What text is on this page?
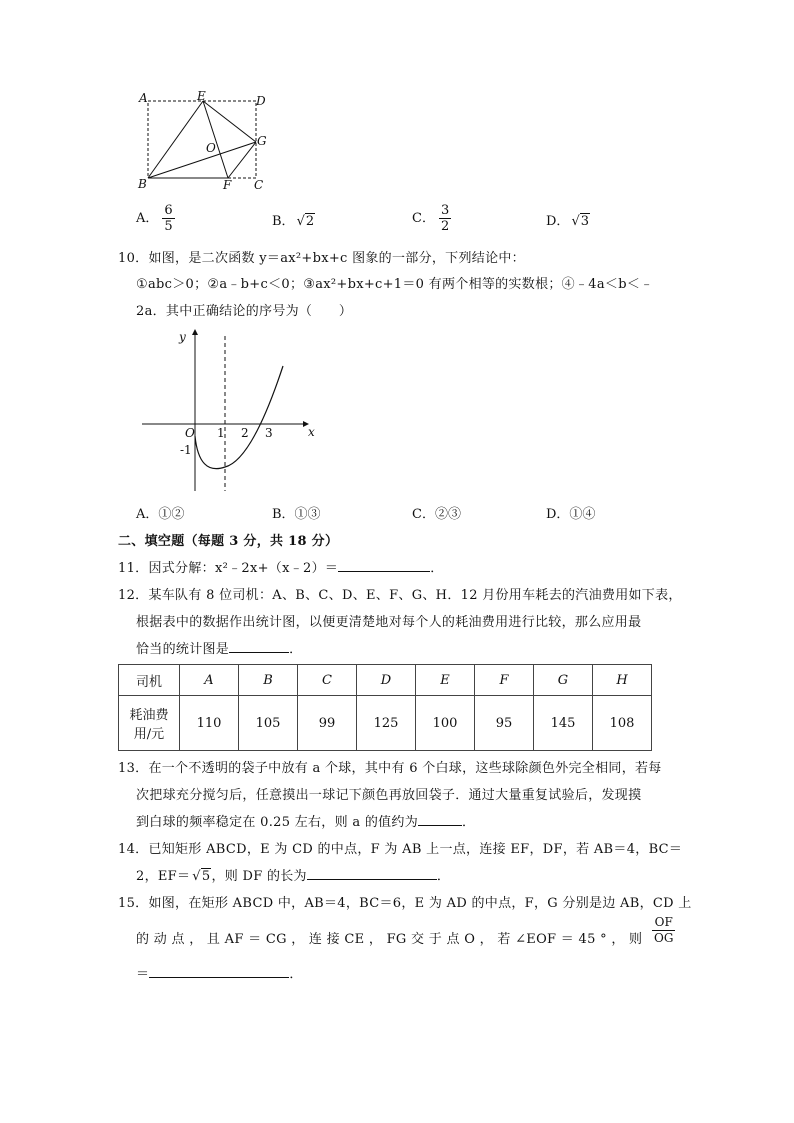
A	E	D
G
O
B	F C
A． $\frac{6}{5}$	B． √2	C． $\frac{3}{2}$	D． √3
10．如图，是二次函数 y＝ax²+bx+c 图象的一部分，下列结论中：
①abc＞0；②a﹣b+c＜0；③ax²+bx+c+1＝0 有两个相等的实数根；④﹣4a＜b＜﹣
2a．其中正确结论的序号为（　　）
y
x
O 1 2 3
-1
A．①②	B．①③	C．②③	D．①④
二、填空题（每题 3 分，共 18 分）
11．因式分解：x²﹣2x+（x﹣2）＝	．
12．某车队有 8 位司机：A、B、C、D、E、F、G、H．12 月份用车耗去的汽油费用如下表，
根据表中的数据作出统计图，以便更清楚地对每个人的耗油费用进行比较，那么应用最
恰当的统计图是	．
司机	A	B	C	D	E	F	G	H

耗油费
用/元	110	105	99	125	100	95	145	108
13．在一个不透明的袋子中放有 a 个球，其中有 6 个白球，这些球除颜色外完全相同，若每
次把球充分搅匀后，任意摸出一球记下颜色再放回袋子．通过大量重复试验后，发现摸
到白球的频率稳定在 0.25 左右，则 a 的值约为	．
14．已知矩形 ABCD，E 为 CD 的中点，F 为 AB 上一点，连接 EF，DF，若 AB＝4，BC＝
2，EF＝ √5，则 DF 的长为	．
15．如图，在矩形 ABCD 中，AB＝4，BC＝6，E 为 AD 的中点，F，G 分别是边 AB，CD 上
的 动 点 ， 且 AF ＝ CG ， 连 接 CE ， FG 交 于 点 O ， 若 ∠EOF ＝ 45 ° ， 则 $\frac{OF}{OG}$
＝	．
